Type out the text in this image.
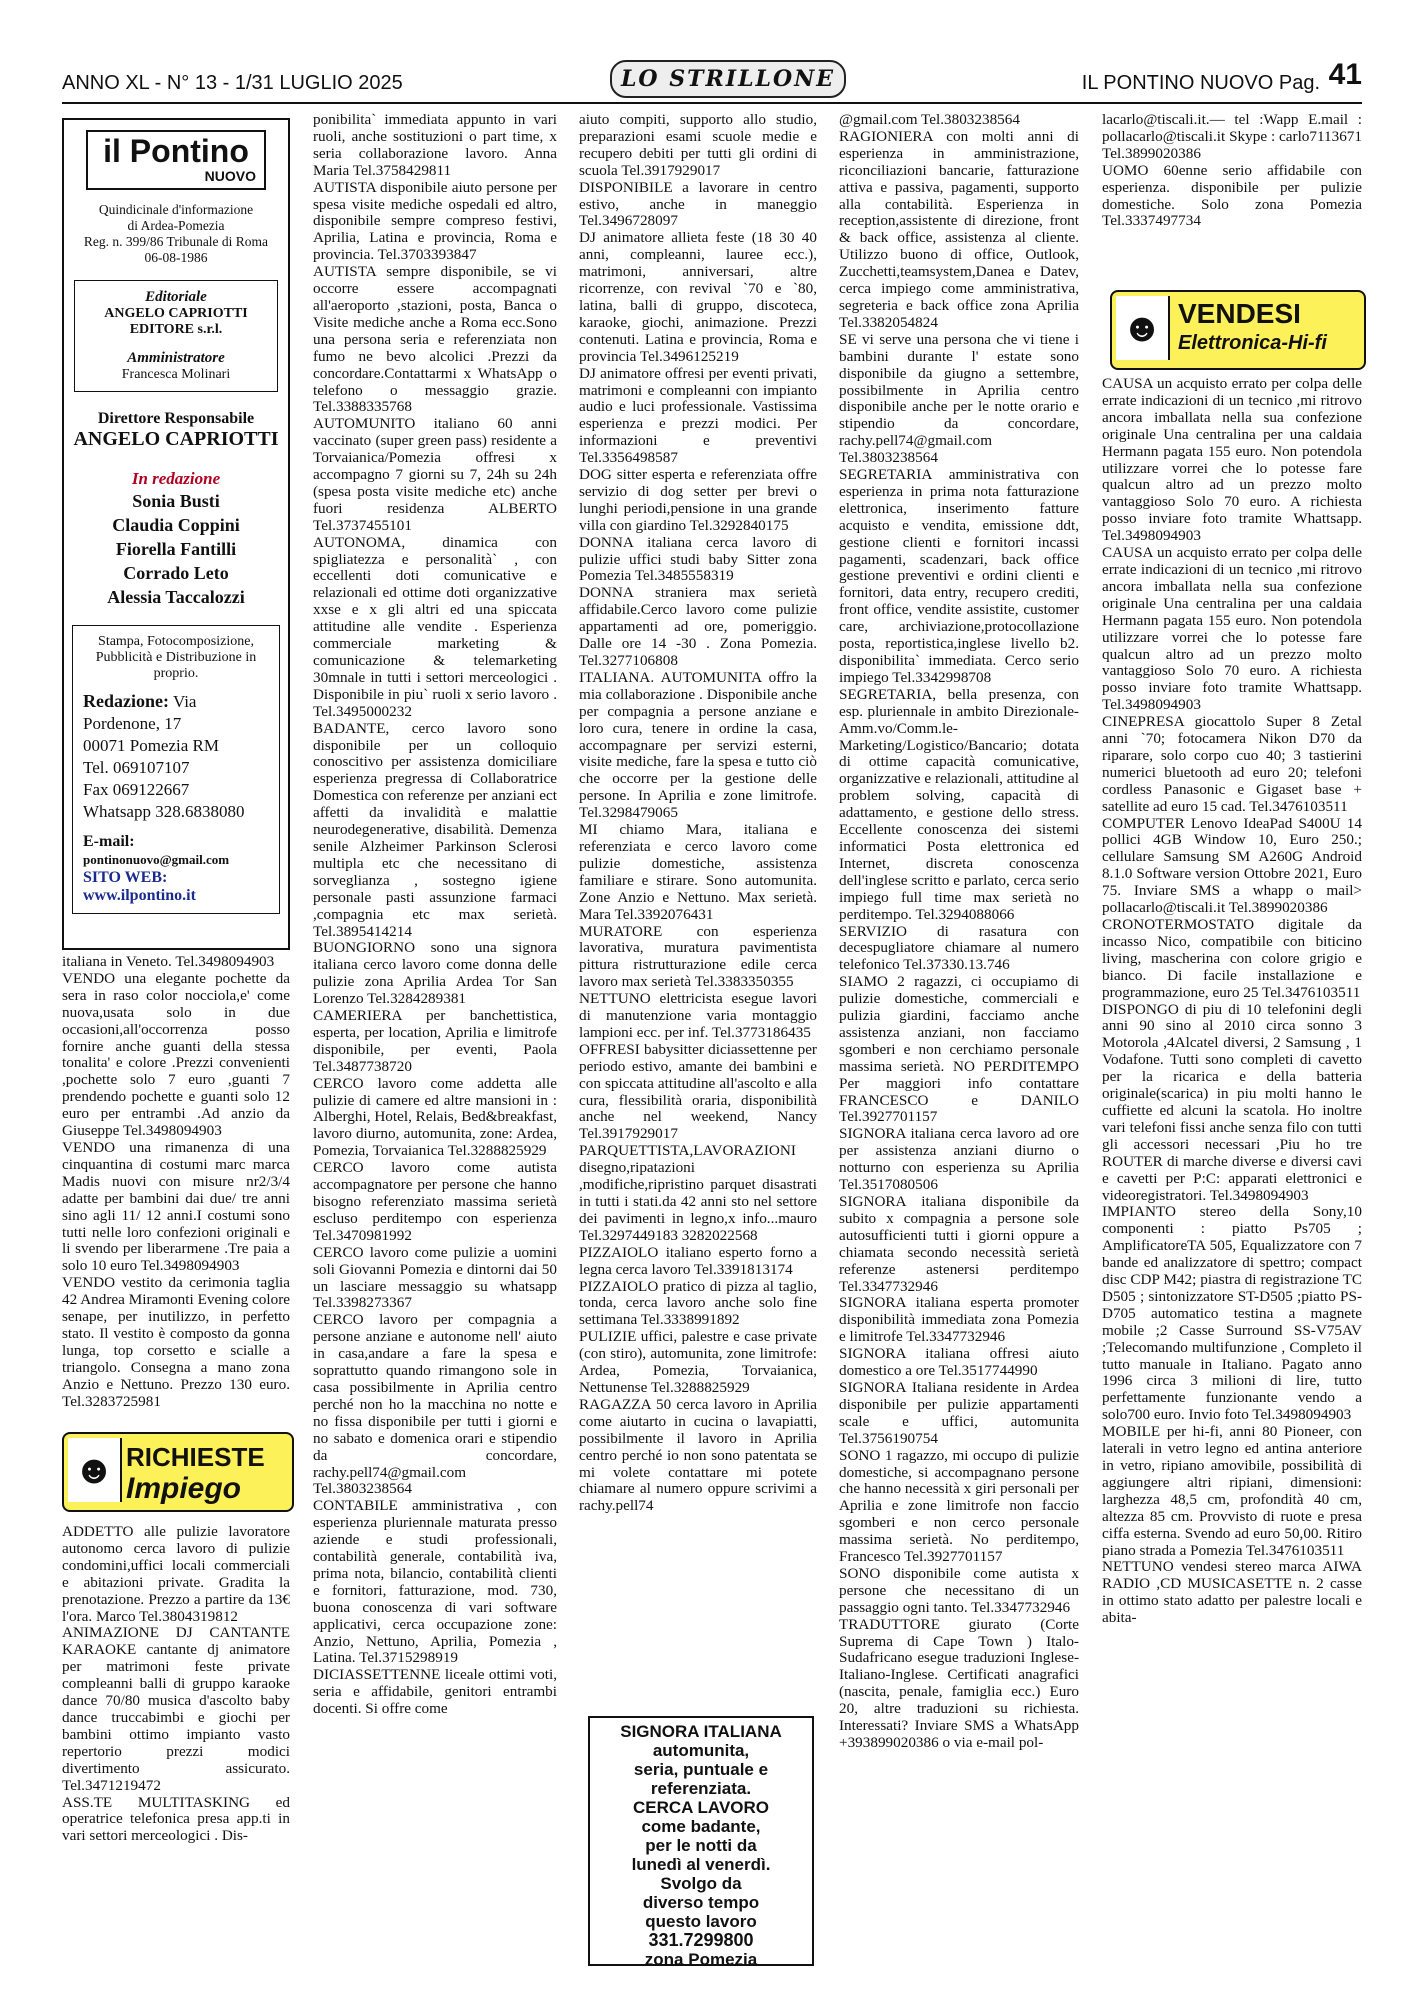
ANNO XL - N° 13 - 1/31 LUGLIO 2025	LO STRILLONE	IL PONTINO NUOVO Pag. 41
il Pontino
NUOVO
Quindicinale d'informazione
di Ardea-Pomezia
Reg. n. 399/86 Tribunale di Roma
06-08-1986
Editoriale
ANGELO CAPRIOTTI EDITORE s.r.l.
Amministratore
Francesca Molinari
Direttore Responsabile
ANGELO CAPRIOTTI
In redazione
Sonia Busti
Claudia Coppini
Fiorella Fantilli
Corrado Leto
Alessia Taccalozzi
Stampa, Fotocomposizione, Pubblicità e Distribuzione in proprio.
Redazione: Via Pordenone, 17
00071 Pomezia RM
Tel. 069107107
Fax 069122667
Whatsapp 328.6838080
E-mail: pontinonuovo@gmail.com
SITO WEB: www.ilpontino.it

italiana in Veneto. Tel.3498094903

VENDO una elegante pochette da sera in raso color nocciola,e' come nuova,usata solo in due occasioni,all'occorrenza posso fornire anche guanti della stessa tonalita' e colore .Prezzi convenienti ,pochette solo 7 euro ,guanti 7 prendendo pochette e guanti solo 12 euro per entrambi .Ad anzio da Giuseppe Tel.3498094903

VENDO una rimanenza di una cinquantina di costumi marc marca Madis nuovi con misure nr2/3/4 adatte per bambini dai due/ tre anni sino agli 11/ 12 anni.I costumi sono tutti nelle loro confezioni originali e li svendo per liberarmene .Tre paia a solo 10 euro Tel.3498094903

VENDO vestito da cerimonia taglia 42 Andrea Miramonti Evening colore senape, per inutilizzo, in perfetto stato. Il vestito è composto da gonna lunga, top corsetto e scialle a triangolo. Consegna a mano zona Anzio e Nettuno. Prezzo 130 euro. Tel.3283725981

☻ RICHIESTE
Impiego

ADDETTO alle pulizie lavoratore autonomo cerca lavoro di pulizie condomini,uffici locali commerciali e abitazioni private. Gradita la prenotazione. Prezzo a partire da 13€ l'ora. Marco Tel.3804319812

ANIMAZIONE DJ CANTANTE KARAOKE cantante dj animatore per matrimoni feste private compleanni balli di gruppo karaoke dance 70/80 musica d'ascolto baby dance truccabimbi e giochi per bambini ottimo impianto vasto repertorio prezzi modici divertimento assicurato. Tel.3471219472

ASS.TE MULTITASKING ed operatrice telefonica presa app.ti in vari settori merceologici . Dis-

ponibilita` immediata appunto in vari ruoli, anche sostituzioni o part time, x seria collaborazione lavoro. Anna Maria Tel.3758429811

AUTISTA disponibile aiuto persone per spesa visite mediche ospedali ed altro, disponibile sempre compreso festivi, Aprilia, Latina e provincia, Roma e provincia. Tel.3703393847

AUTISTA sempre disponibile, se vi occorre essere accompagnati all'aeroporto ,stazioni, posta, Banca o Visite mediche anche a Roma ecc.Sono una persona seria e referenziata non fumo ne bevo alcolici .Prezzi da concordare.Contattarmi x WhatsApp o telefono o messaggio grazie. Tel.3388335768

AUTOMUNITO italiano 60 anni vaccinato (super green pass) residente a Torvaianica/Pomezia offresi x accompagno 7 giorni su 7, 24h su 24h (spesa posta visite mediche etc) anche fuori residenza ALBERTO Tel.3737455101

AUTONOMA, dinamica con spigliatezza e personalità` , con eccellenti doti comunicative e relazionali ed ottime doti organizzative xxse e x gli altri ed una spiccata attitudine alle vendite . Esperienza commerciale marketing & comunicazione & telemarketing 30mnale in tutti i settori merceologici . Disponibile in piu` ruoli x serio lavoro . Tel.3495000232

BADANTE, cerco lavoro sono disponibile per un colloquio conoscitivo per assistenza domiciliare esperienza pregressa di Collaboratrice Domestica con referenze per anziani ect affetti da invalidità e malattie neurodegenerative, disabilità. Demenza senile Alzheimer Parkinson Sclerosi multipla etc che necessitano di sorveglianza , sostegno igiene personale pasti assunzione farmaci ,compagnia etc max serietà. Tel.3895414214

BUONGIORNO sono una signora italiana cerco lavoro come donna delle pulizie zona Aprilia Ardea Tor San Lorenzo Tel.3284289381

CAMERIERA per banchettistica, esperta, per location, Aprilia e limitrofe disponibile, per eventi, Paola Tel.3487738720

CERCO lavoro come addetta alle pulizie di camere ed altre mansioni in : Alberghi, Hotel, Relais, Bed&breakfast, lavoro diurno, automunita, zone: Ardea, Pomezia, Torvaianica Tel.3288825929

CERCO lavoro come autista accompagnatore per persone che hanno bisogno referenziato massima serietà escluso perditempo con esperienza Tel.3470981992

CERCO lavoro come pulizie a uomini soli Giovanni Pomezia e dintorni dai 50 un lasciare messaggio su whatsapp Tel.3398273367

CERCO lavoro per compagnia a persone anziane e autonome nell' aiuto in casa,andare a fare la spesa e soprattutto quando rimangono sole in casa possibilmente in Aprilia centro perché non ho la macchina no notte e no fissa disponibile per tutti i giorni e no sabato e domenica orari e stipendio da concordare, rachy.pell74@gmail.com Tel.3803238564

CONTABILE amministrativa , con esperienza pluriennale maturata presso aziende e studi professionali, contabilità generale, contabilità iva, prima nota, bilancio, contabilità clienti e fornitori, fatturazione, mod. 730, buona conoscenza di vari software applicativi, cerca occupazione zone: Anzio, Nettuno, Aprilia, Pomezia , Latina. Tel.3715298919

DICIASSETTENNE liceale ottimi voti, seria e affidabile, genitori entrambi docenti. Si offre come

aiuto compiti, supporto allo studio, preparazioni esami scuole medie e recupero debiti per tutti gli ordini di scuola Tel.3917929017

DISPONIBILE a lavorare in centro estivo, anche in maneggio Tel.3496728097

DJ animatore allieta feste (18 30 40 anni, compleanni, lauree ecc.), matrimoni, anniversari, altre ricorrenze, con revival `70 e `80, latina, balli di gruppo, discoteca, karaoke, giochi, animazione. Prezzi contenuti. Latina e provincia, Roma e provincia Tel.3496125219

DJ animatore offresi per eventi privati, matrimoni e compleanni con impianto audio e luci professionale. Vastissima esperienza e prezzi modici. Per informazioni e preventivi Tel.3356498587

DOG sitter esperta e referenziata offre servizio di dog setter per brevi o lunghi periodi,pensione in una grande villa con giardino Tel.3292840175

DONNA italiana cerca lavoro di pulizie uffici studi baby Sitter zona Pomezia Tel.3485558319

DONNA straniera max serietà affidabile.Cerco lavoro come pulizie appartamenti ad ore, pomeriggio. Dalle ore 14 -30 . Zona Pomezia. Tel.3277106808

ITALIANA. AUTOMUNITA offro la mia collaborazione . Disponibile anche per compagnia a persone anziane e loro cura, tenere in ordine la casa, accompagnare per servizi esterni, visite mediche, fare la spesa e tutto ciò che occorre per la gestione delle persone. In Aprilia e zone limitrofe. Tel.3298479065

MI chiamo Mara, italiana e referenziata e cerco lavoro come pulizie domestiche, assistenza familiare e stirare. Sono automunita. Zone Anzio e Nettuno. Max serietà. Mara Tel.3392076431

MURATORE con esperienza lavorativa, muratura pavimentista pittura ristrutturazione edile cerca lavoro max serietà Tel.3383350355

NETTUNO elettricista esegue lavori di manutenzione varia montaggio lampioni ecc. per inf. Tel.3773186435

OFFRESI babysitter diciassettenne per periodo estivo, amante dei bambini e con spiccata attitudine all'ascolto e alla cura, flessibilità oraria, disponibilità anche nel weekend, Nancy Tel.3917929017

PARQUETTISTA,LAVORAZIONI disegno,ripatazioni ,modifiche,ripristino parquet disastrati in tutti i stati.da 42 anni sto nel settore dei pavimenti in legno,x info...mauro Tel.3297449183 3282022568

PIZZAIOLO italiano esperto forno a legna cerca lavoro Tel.3391813174

PIZZAIOLO pratico di pizza al taglio, tonda, cerca lavoro anche solo fine settimana Tel.3338991892

PULIZIE uffici, palestre e case private (con stiro), automunita, zone limitrofe: Ardea, Pomezia, Torvaianica, Nettunense Tel.3288825929

RAGAZZA 50 cerca lavoro in Aprilia come aiutarto in cucina o lavapiatti, possibilmente il lavoro in Aprilia centro perché io non sono patentata se mi volete contattare mi potete chiamare al numero oppure scrivimi a rachy.pell74

SIGNORA ITALIANA
automunita,
seria, puntuale e
referenziata.
CERCA LAVORO
come badante,
per le notti da
lunedì al venerdì.
Svolgo da
diverso tempo
questo lavoro
331.7299800
zona Pomezia

@gmail.com Tel.3803238564

RAGIONIERA con molti anni di esperienza in amministrazione, riconciliazioni bancarie, fatturazione attiva e passiva, pagamenti, supporto alla contabilità. Esperienza in reception,assistente di direzione, front & back office, assistenza al cliente. Utilizzo buono di office, Outlook, Zucchetti,teamsystem,Danea e Datev, cerca impiego come amministrativa, segreteria e back office zona Aprilia Tel.3382054824

SE vi serve una persona che vi tiene i bambini durante l' estate sono disponibile da giugno a settembre, possibilmente in Aprilia centro disponibile anche per le notte orario e stipendio da concordare, rachy.pell74@gmail.com Tel.3803238564

SEGRETARIA amministrativa con esperienza in prima nota fatturazione elettronica, inserimento fatture acquisto e vendita, emissione ddt, gestione clienti e fornitori incassi pagamenti, scadenzari, back office gestione preventivi e ordini clienti e fornitori, data entry, recupero crediti, front office, vendite assistite, customer care, archiviazione,protocollazione posta, reportistica,inglese livello b2. disponibilita` immediata. Cerco serio impiego Tel.3342998708

SEGRETARIA, bella presenza, con esp. pluriennale in ambito Direzionale-Amm.vo/Comm.le-Marketing/Logistico/Bancario; dotata di ottime capacità comunicative, organizzative e relazionali, attitudine al problem solving, capacità di adattamento, e gestione dello stress. Eccellente conoscenza dei sistemi informatici Posta elettronica ed Internet, discreta conoscenza dell'inglese scritto e parlato, cerca serio impiego full time max serietà no perditempo. Tel.3294088066

SERVIZIO di rasatura con decespugliatore chiamare al numero telefonico Tel.37330.13.746

SIAMO 2 ragazzi, ci occupiamo di pulizie domestiche, commerciali e pulizia giardini, facciamo anche assistenza anziani, non facciamo sgomberi e non cerchiamo personale massima serietà. NO PERDITEMPO Per maggiori info contattare FRANCESCO e DANILO Tel.3927701157

SIGNORA italiana cerca lavoro ad ore per assistenza anziani diurno o notturno con esperienza su Aprilia Tel.3517080506

SIGNORA italiana disponibile da subito x compagnia a persone sole autosufficienti tutti i giorni oppure a chiamata secondo necessità serietà referenze astenersi perditempo Tel.3347732946

SIGNORA italiana esperta promoter disponibilità immediata zona Pomezia e limitrofe Tel.3347732946

SIGNORA italiana offresi aiuto domestico a ore Tel.3517744990

SIGNORA Italiana residente in Ardea disponibile per pulizie appartamenti scale e uffici, automunita Tel.3756190754

SONO 1 ragazzo, mi occupo di pulizie domestiche, si accompagnano persone che hanno necessità x giri personali per Aprilia e zone limitrofe non faccio sgomberi e non cerco personale massima serietà. No perditempo, Francesco Tel.3927701157

SONO disponibile come autista x persone che necessitano di un passaggio ogni tanto. Tel.3347732946

TRADUTTORE giurato (Corte Suprema di Cape Town ) Italo-Sudafricano esegue traduzioni Inglese-Italiano-Inglese. Certificati anagrafici (nascita, penale, famiglia ecc.) Euro 20, altre traduzioni su richiesta. Interessati? Inviare SMS a WhatsApp +393899020386 o via e-mail pol-

lacarlo@tiscali.it.— tel :Wapp E.mail : pollacarlo@tiscali.it Skype : carlo7113671 Tel.3899020386

UOMO 60enne serio affidabile con esperienza. disponibile per pulizie domestiche. Solo zona Pomezia Tel.3337497734

☻ VENDESI
Elettronica-Hi-fi

CAUSA un acquisto errato per colpa delle errate indicazioni di un tecnico ,mi ritrovo ancora imballata nella sua confezione originale Una centralina per una caldaia Hermann pagata 155 euro. Non potendola utilizzare vorrei che lo potesse fare qualcun altro ad un prezzo molto vantaggioso Solo 70 euro. A richiesta posso inviare foto tramite Whattsapp. Tel.3498094903

CAUSA un acquisto errato per colpa delle errate indicazioni di un tecnico ,mi ritrovo ancora imballata nella sua confezione originale Una centralina per una caldaia Hermann pagata 155 euro. Non potendola utilizzare vorrei che lo potesse fare qualcun altro ad un prezzo molto vantaggioso Solo 70 euro. A richiesta posso inviare foto tramite Whattsapp. Tel.3498094903

CINEPRESA giocattolo Super 8 Zetal anni `70; fotocamera Nikon D70 da riparare, solo corpo cuo 40; 3 tastierini numerici bluetooth ad euro 20; telefoni cordless Panasonic e Gigaset base + satellite ad euro 15 cad. Tel.3476103511

COMPUTER Lenovo IdeaPad S400U 14 pollici 4GB Window 10, Euro 250.; cellulare Samsung SM A260G Android 8.1.0 Software version Ottobre 2021, Euro 75. Inviare SMS a whapp o mail> pollacarlo@tiscali.it Tel.3899020386

CRONOTERMOSTATO digitale da incasso Nico, compatibile con biticino living, mascherina con colore grigio e bianco. Di facile installazione e programmazione, euro 25 Tel.3476103511

DISPONGO di piu di 10 telefonini degli anni 90 sino al 2010 circa sonno 3 Motorola ,4Alcatel diversi, 2 Samsung , 1 Vodafone. Tutti sono completi di cavetto per la ricarica e della batteria originale(scarica) in piu molti hanno le cuffiette ed alcuni la scatola. Ho inoltre vari telefoni fissi anche senza filo con tutti gli accessori necessari ,Piu ho tre ROUTER di marche diverse e diversi cavi e cavetti per P:C: apparati elettronici e videoregistratori. Tel.3498094903

IMPIANTO stereo della Sony,10 componenti : piatto Ps705 ; AmplificatoreTA 505, Equalizzatore con 7 bande ed analizzatore di spettro; compact disc CDP M42; piastra di registrazione TC D505 ; sintonizzatore ST-D505 ;piatto PS-D705 automatico testina a magnete mobile ;2 Casse Surround SS-V75AV ;Telecomando multifunzione , Completo il tutto manuale in Italiano. Pagato anno 1996 circa 3 milioni di lire, tutto perfettamente funzionante vendo a solo700 euro. Invio foto Tel.3498094903

MOBILE per hi-fi, anni 80 Pioneer, con laterali in vetro legno ed antina anteriore in vetro, ripiano amovibile, possibilità di aggiungere altri ripiani, dimensioni: larghezza 48,5 cm, profondità 40 cm, altezza 85 cm. Provvisto di ruote e presa ciffa esterna. Svendo ad euro 50,00. Ritiro piano strada a Pomezia Tel.3476103511

NETTUNO vendesi stereo marca AIWA RADIO ,CD MUSICASETTE n. 2 casse in ottimo stato adatto per palestre locali e abita-
